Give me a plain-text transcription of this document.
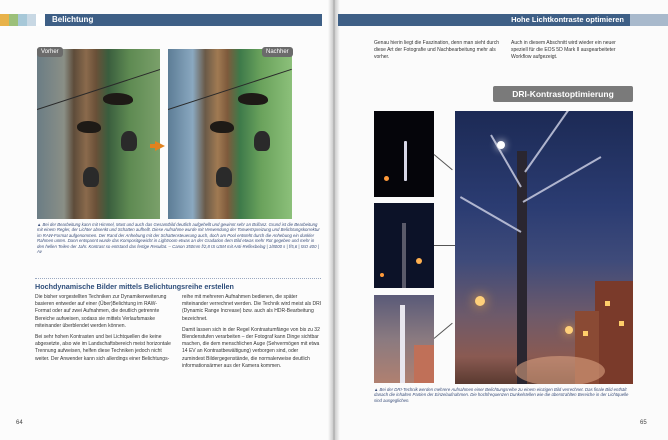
Belichtung
Vorher	Nachher

▲ Bei der Bearbeitung kann mit Himmel, Mast und auch das Gesamtbild deutlich aufgehellt und gewinnt sehr an Brillanz. Grund ist die Bearbeitung mit einem Regler, der Lichter absenkt und Schatten aufhellt. Diese Aufnahme wurde mit Verwendung der Tonwertspreizung und Belichtungskorrektur im RAW-Format aufgenommen. Der Rand der Anhebung mit der Schattensteuerung auch, doch am Pool entsteht durch die Anhebung ein dunkler Rahmen unten. Dann entspannt wurde das Kompositgewicht in Lightroom etwas an der Gradation dem Bild etwas mehr Rot gegeben und mehr in den hellen Teilen der Jahr. Kontrast so entstand das fertige Resultat. – Canon 350mm f/2,8 IS USM mit Anti-Reflexbelag | 1/8000 s | f/5,6 | ISO 400 | Av

Hochdynamische Bilder mittels Belichtungsreihe erstellen

Die bisher vorgestellten Techniken zur Dynamikerweiterung basieren entweder auf einer (Über)Belichtung im RAW-Format oder auf zwei Aufnahmen, die deutlich getrennte Bereiche aufweisen, sodass sie mittels Verlaufsmaske miteinander überblendet werden können.

Bei sehr hohen Kontrasten und bei Lichtquellen die keine abgesetzte, also wie im Landschaftsbereich meist horizontale Trennung aufweisen, helfen diese Techniken jedoch nicht weiter. Der Anwender kann sich allerdings einer Belichtungs-

reihe mit mehreren Aufnahmen bedienen, die später miteinander verrechnet werden. Die Technik wird meist als DRI (Dynamic Range Increase) bzw. auch als HDR-Bearbeitung bezeichnet.

Damit lassen sich in der Regel Kontrastumfänge von bis zu 32 Blendenstufen verarbeiten – der Fotograf kann Dinge sichtbar machen, die dem menschlichen Auge (Sehvermögen mit etwa 14 EV an Kontrastbewältigung) verborgen sind, oder zumindest Bildergegenstände, die normalerweise deutlich informationsärmer aus der Kamera kommen.

64
Hohe Lichtkontraste optimieren

Genau hierin liegt die Faszination, denn man sieht durch diese Art der Fotografie und Nachbearbeitung mehr als vorher.

Auch in diesem Abschnitt wird wieder ein neuer speziell für die EOS 5D Mark II ausgearbeiteter Workflow aufgezeigt.

DRI-Kontrastoptimierung

▲ Bei der DRI-Technik werden mehrere Aufnahmen einer Belichtungsreihe zu einem einzigen Bild verrechnet. Das finale Bild enthält danach die inhalten Partien der Einzelaufnahmen. Die hochfrequenzen Dunkelstellen wie die überstrahlten Bereiche in der Lichtquelle sind ausgeglichen.

65
